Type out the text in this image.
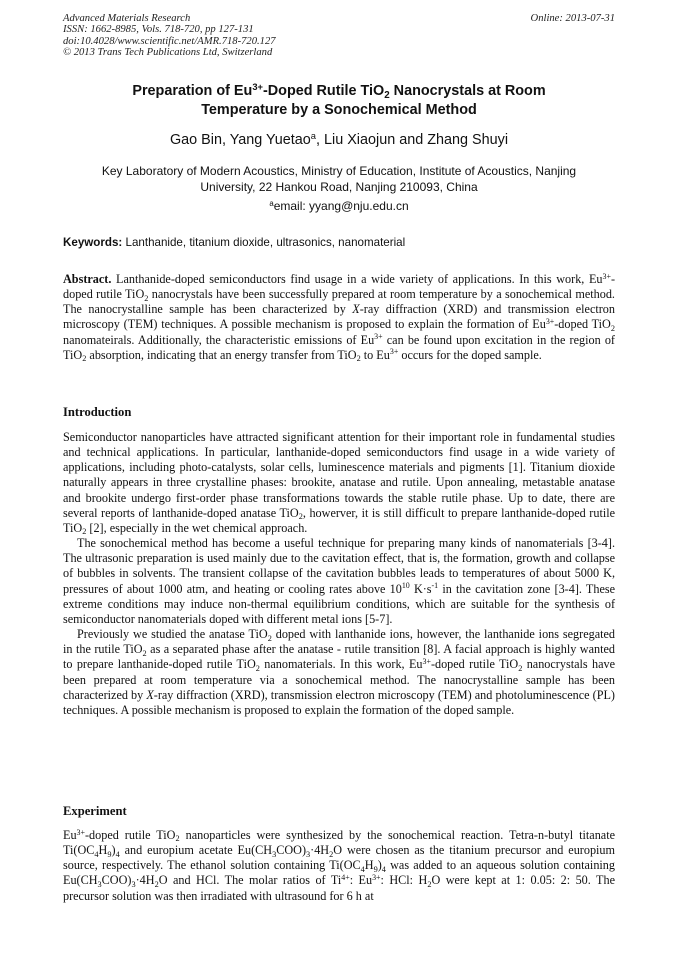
Advanced Materials Research
ISSN: 1662-8985, Vols. 718-720, pp 127-131
doi:10.4028/www.scientific.net/AMR.718-720.127
© 2013 Trans Tech Publications Ltd, Switzerland
Online: 2013-07-31
Preparation of $Eu^{3+}$-Doped Rutile TiO$_2$ Nanocrystals at Room
Temperature by a Sonochemical Method
Gao Bin, Yang Yuetao$^a$, Liu Xiaojun and Zhang Shuyi
Key Laboratory of Modern Acoustics, Ministry of Education, Institute of Acoustics, Nanjing
University, 22 Hankou Road, Nanjing 210093, China
$^a$email: yyang@nju.edu.cn
Keywords: Lanthanide, titanium dioxide, ultrasonics, nanomaterial

Abstract. Lanthanide-doped semiconductors find usage in a wide variety of applications. In this work, $Eu^{3+}$-doped rutile TiO$_2$ nanocrystals have been successfully prepared at room temperature by a sonochemical method. The nanocrystalline sample has been characterized by X-ray diffraction (XRD) and transmission electron microscopy (TEM) techniques. A possible mechanism is proposed to explain the formation of $Eu^{3+}$-doped TiO$_2$ nanomateirals. Additionally, the characteristic emissions of $Eu^{3+}$ can be found upon excitation in the region of TiO$_2$ absorption, indicating that an energy transfer from TiO$_2$ to $Eu^{3+}$ occurs for the doped sample.

Introduction

Semiconductor nanoparticles have attracted significant attention for their important role in fundamental studies and technical applications. In particular, lanthanide-doped semiconductors find usage in a wide variety of applications, including photo-catalysts, solar cells, luminescence materials and pigments [1]. Titanium dioxide naturally appears in three crystalline phases: brookite, anatase and rutile. Upon annealing, metastable anatase and brookite undergo first-order phase transformations towards the stable rutile phase. Up to date, there are several reports of lanthanide-doped anatase TiO$_2$, howerver, it is still difficult to prepare lanthanide-doped rutile TiO$_2$ [2], especially in the wet chemical approach.

The sonochemical method has become a useful technique for preparing many kinds of nanomaterials [3-4]. The ultrasonic preparation is used mainly due to the cavitation effect, that is, the formation, growth and collapse of bubbles in solvents. The transient collapse of the cavitation bubbles leads to temperatures of about 5000 K, pressures of about 1000 atm, and heating or cooling rates above $10^{10}$ $K\cdot s^{-1}$ in the cavitation zone [3-4]. These extreme conditions may induce non-thermal equilibrium conditions, which are suitable for the synthesis of semiconductor nanomaterials doped with different metal ions [5-7].

Previously we studied the anatase TiO$_2$ doped with lanthanide ions, however, the lanthanide ions segregated in the rutile TiO$_2$ as a separated phase after the anatase - rutile transition [8]. A facial approach is highly wanted to prepare lanthanide-doped rutile TiO$_2$ nanomaterials. In this work, $Eu^{3+}$-doped rutile TiO$_2$ nanocrystals have been prepared at room temperature via a sonochemical method. The nanocrystalline sample has been characterized by X-ray diffraction (XRD), transmission electron microscopy (TEM) and photoluminescence (PL) techniques. A possible mechanism is proposed to explain the formation of the doped sample.

Experiment

$Eu^{3+}$-doped rutile TiO$_2$ nanoparticles were synthesized by the sonochemical reaction. Tetra-n-butyl titanate $Ti(OC_4H_9)_4$ and europium acetate $Eu(CH_3COO)_3\cdot 4H_2O$ were chosen as the titanium precursor and europium source, respectively. The ethanol solution containing $Ti(OC_4H_9)_4$ was added to an aqueous solution containing $Eu(CH_3COO)_3\cdot 4H_2O$ and HCl. The molar ratios of $Ti^{4+}$: $Eu^{3+}$: HCl: $H_2O$ were kept at 1: 0.05: 2: 50. The precursor solution was then irradiated with ultrasound for 6 h at
